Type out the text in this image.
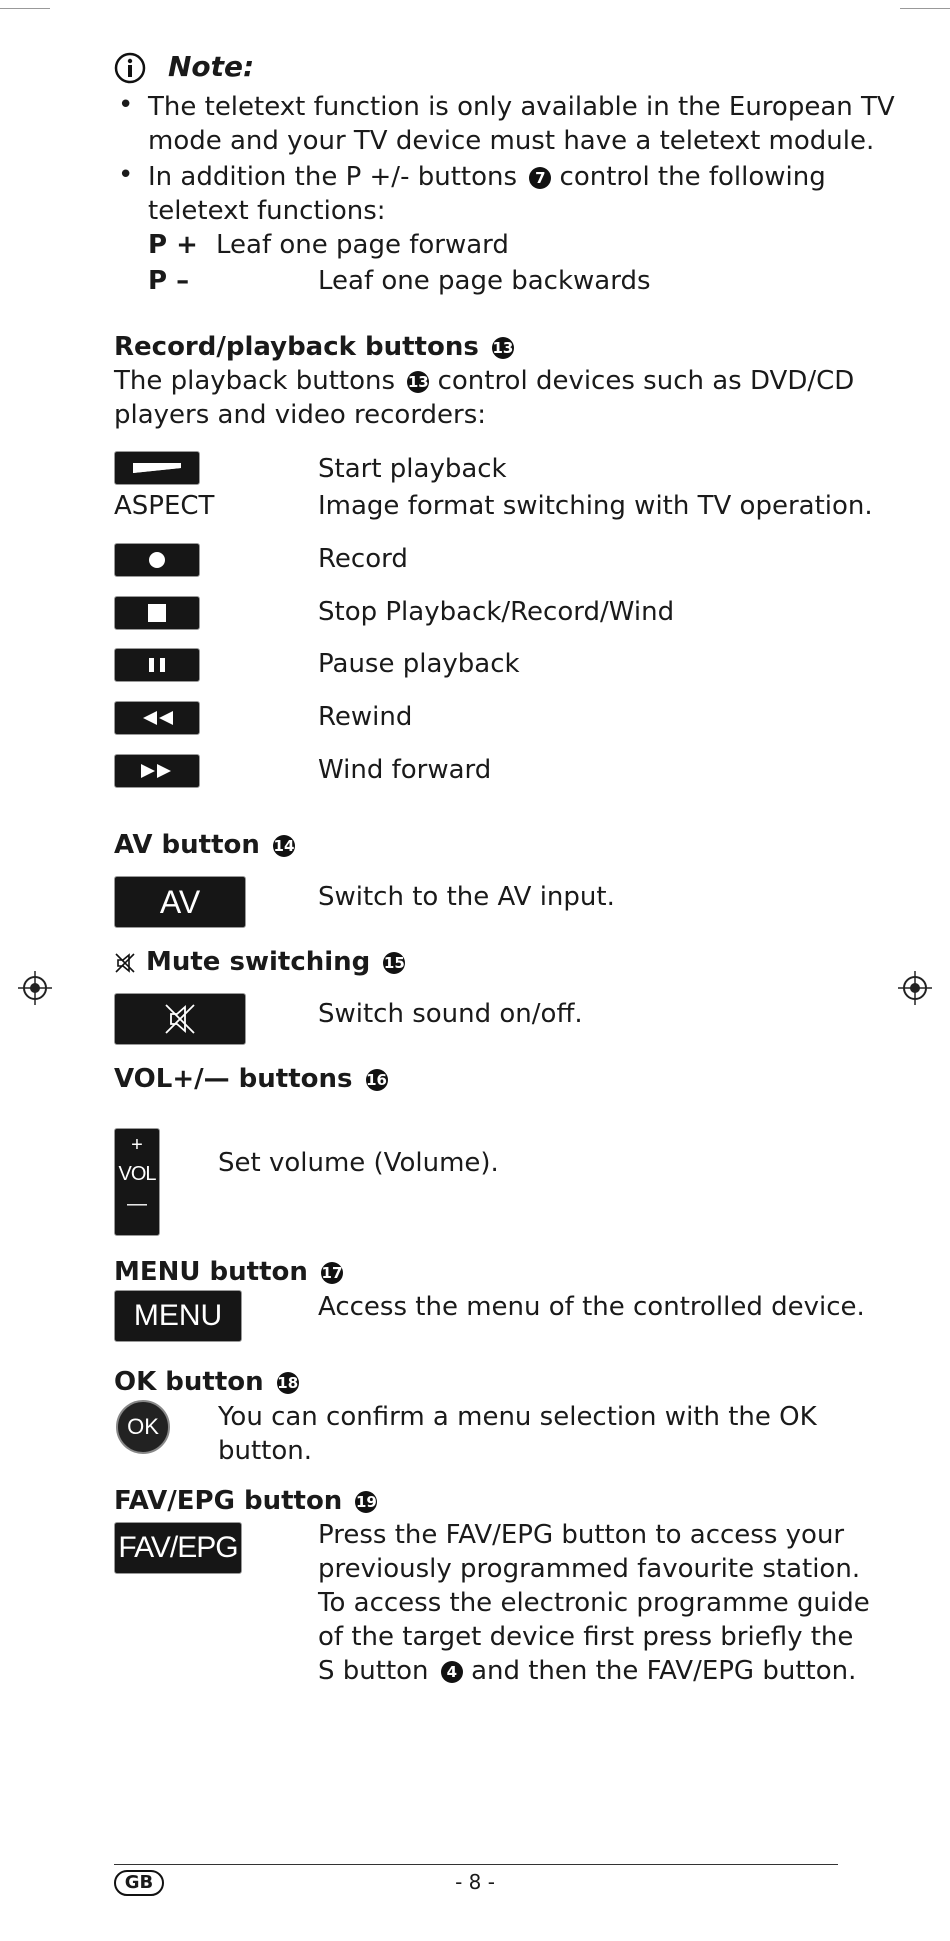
Note:
• The teletext function is only available in the European TV
mode and your TV device must have a teletext module.
• In addition the P +/- buttons 7 control the following
teletext functions:
P + Leaf one page forward
P –	Leaf one page backwards
Record/playback buttons 13
The playback buttons 13 control devices such as DVD/CD
players and video recorders:
Start playback
ASPECT	Image format switching with TV operation.
Record
Stop Playback/Record/Wind
Pause playback
Rewind
Wind forward
AV button 14
AV	Switch to the AV input.
Mute switching 15
Switch sound on/off.
VOL+/— buttons 16
+
VOL
—
Set volume (Volume).
MENU button 17
MENU	Access the menu of the controlled device.
OK button 18
OK	You can confirm a menu selection with the OK
button.
FAV/EPG button 19
FAV/EPG	Press the FAV/EPG button to access your
previously programmed favourite station.
To access the electronic programme guide
of the target device first press briefly the
S button 4 and then the FAV/EPG button.
GB	- 8 -
